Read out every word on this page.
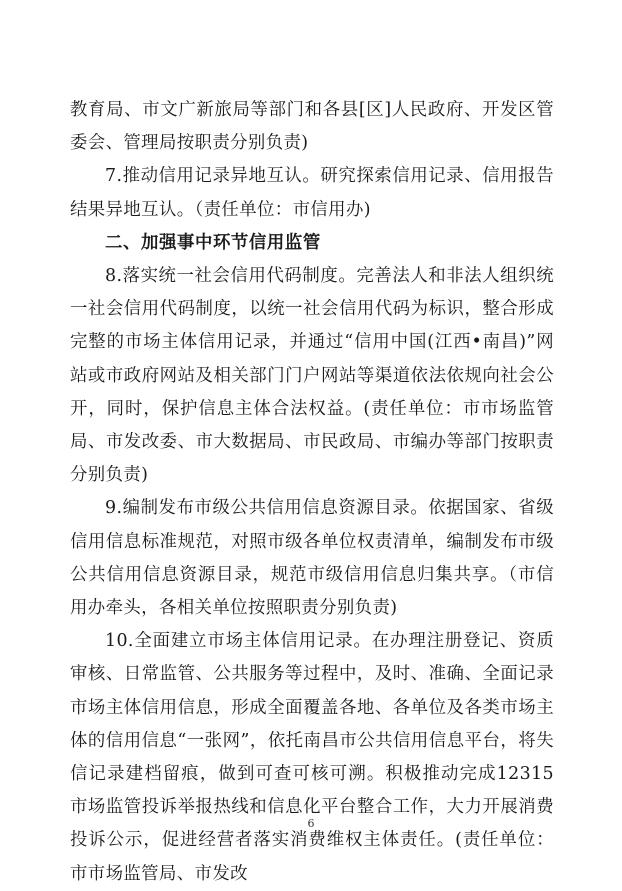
教育局、市文广新旅局等部门和各县[区]人民政府、开发区管委会、管理局按职责分别负责)

7.推动信用记录异地互认。研究探索信用记录、信用报告结果异地互认。（责任单位：市信用办)

二、加强事中环节信用监管

8.落实统一社会信用代码制度。完善法人和非法人组织统一社会信用代码制度，以统一社会信用代码为标识，整合形成完整的市场主体信用记录，并通过“信用中国(江西•南昌)”网站或市政府网站及相关部门门户网站等渠道依法依规向社会公开，同时，保护信息主体合法权益。(责任单位：市市场监管局、市发改委、市大数据局、市民政局、市编办等部门按职责分别负责)

9.编制发布市级公共信用信息资源目录。依据国家、省级信用信息标准规范，对照市级各单位权责清单，编制发布市级公共信用信息资源目录，规范市级信用信息归集共享。（市信用办牵头，各相关单位按照职责分别负责)

10.全面建立市场主体信用记录。在办理注册登记、资质审核、日常监管、公共服务等过程中，及时、准确、全面记录市场主体信用信息，形成全面覆盖各地、各单位及各类市场主体的信用信息“一张网”，依托南昌市公共信用信息平台，将失信记录建档留痕，做到可查可核可溯。积极推动完成12315市场监管投诉举报热线和信息化平台整合工作，大力开展消费投诉公示，促进经营者落实消费维权主体责任。(责任单位：市市场监管局、市发改

6
